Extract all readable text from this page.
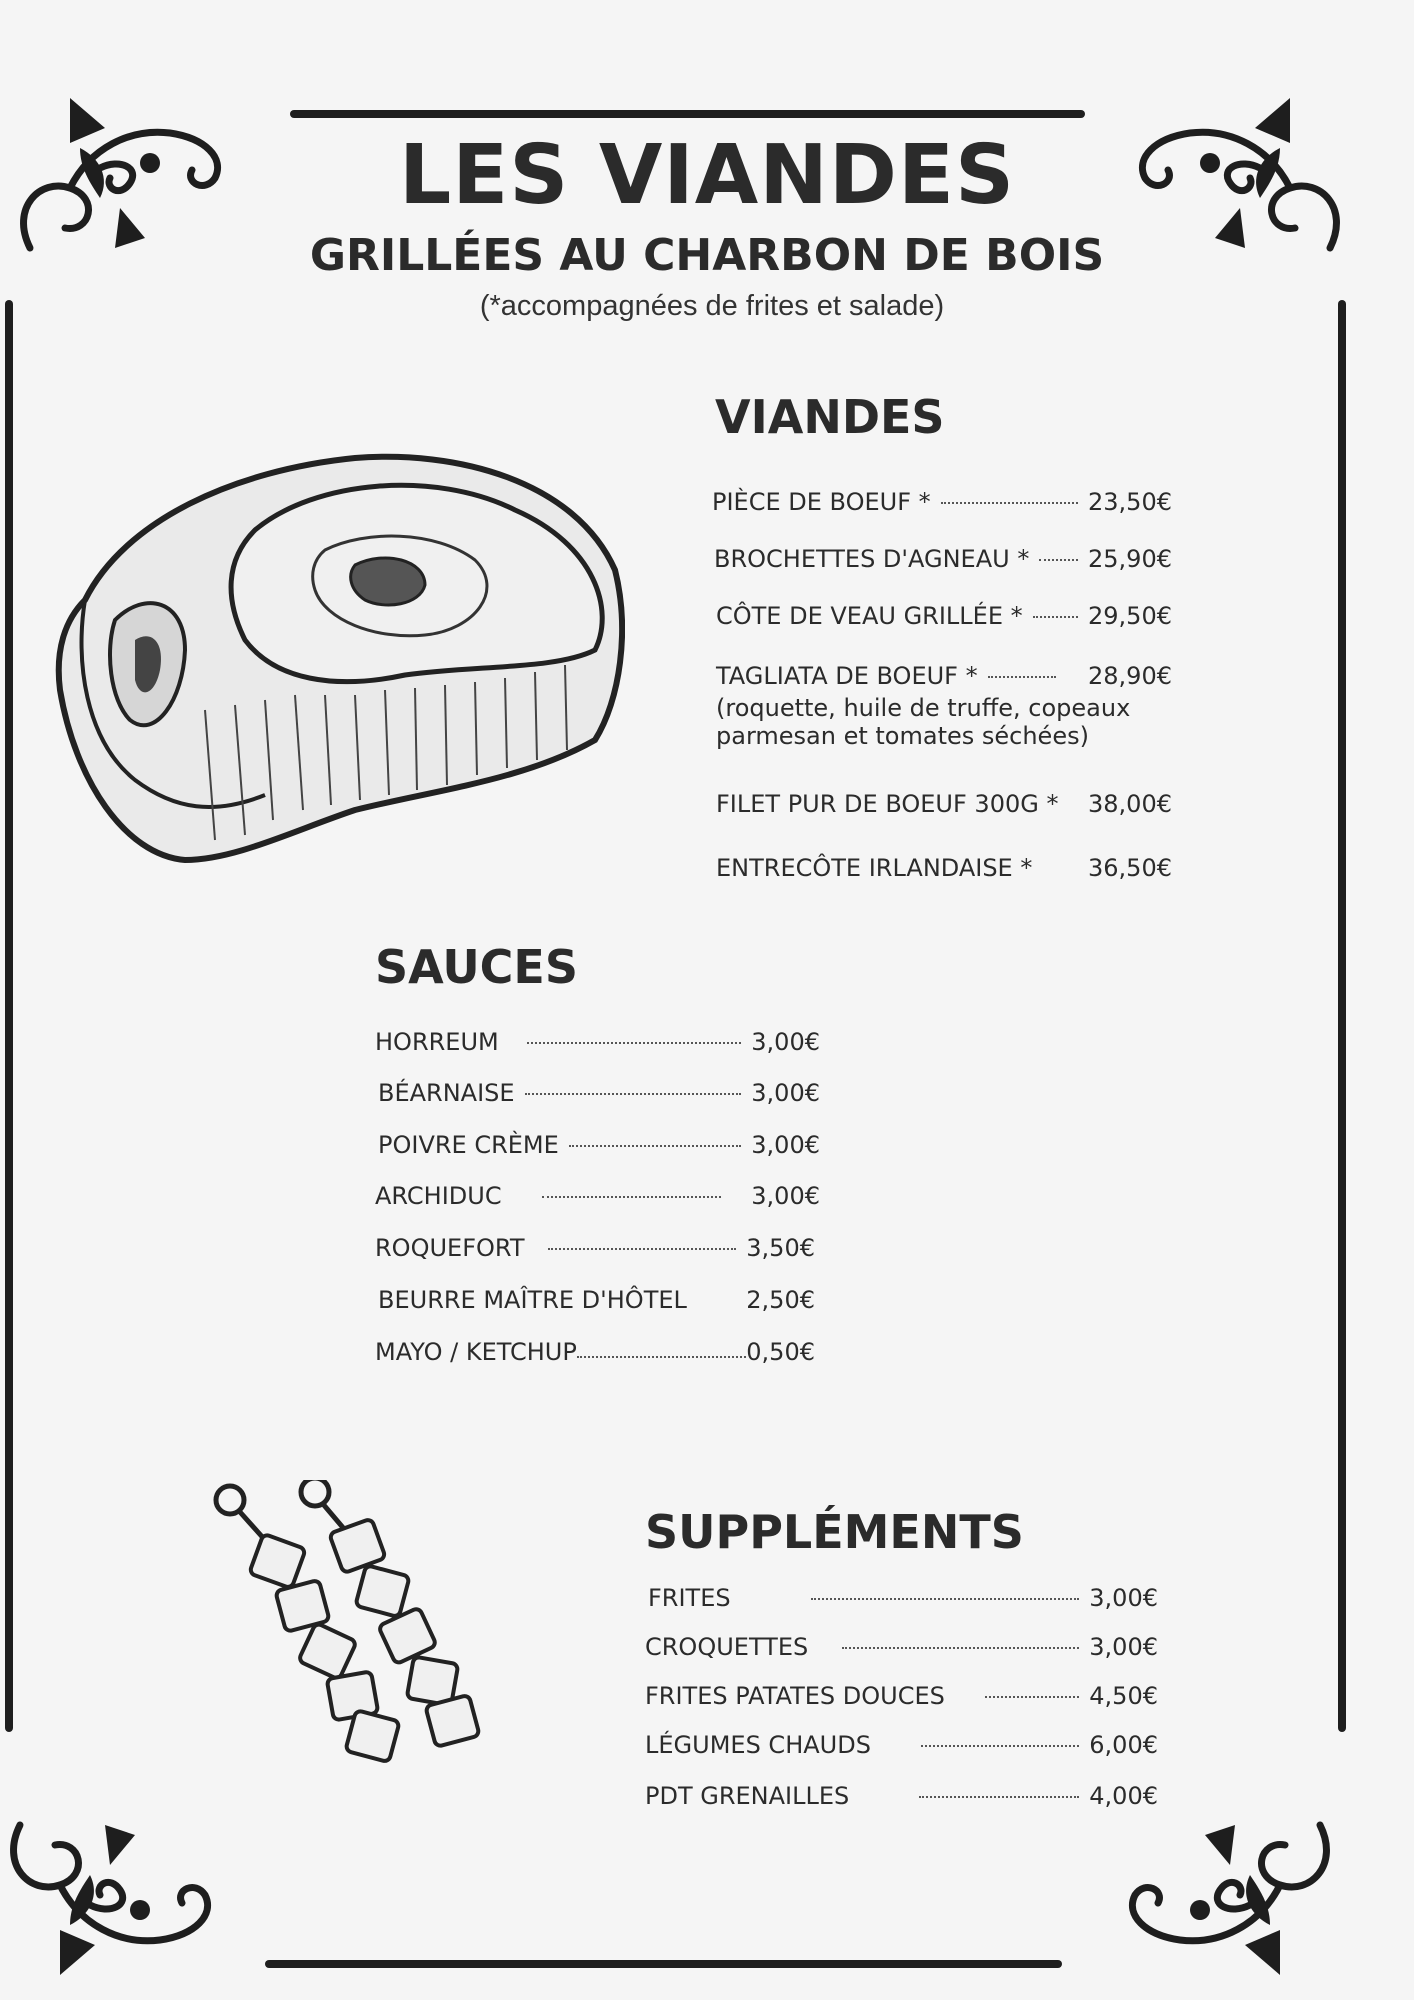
LES VIANDES
GRILLÉES AU CHARBON DE BOIS
(*accompagnées de frites et salade)
VIANDES
PIÈCE DE BOEUF *	23,50€
BROCHETTES D'AGNEAU * 25,90€
CÔTE DE VEAU GRILLÉE *	29,50€
TAGLIATA DE BOEUF *	28,90€
(roquette, huile de truffe, copeaux
parmesan et tomates séchées)
FILET PUR DE BOEUF 300G * 38,00€
ENTRECÔTE IRLANDAISE * 36,50€
SAUCES
HORREUM	3,00€
BÉARNAISE	3,00€
POIVRE CRÈME	3,00€
ARCHIDUC	3,00€
ROQUEFORT	3,50€
BEURRE MAÎTRE D'HÔTEL 2,50€
MAYO / KETCHUP	0,50€
SUPPLÉMENTS
FRITES	3,00€
CROQUETTES	3,00€
FRITES PATATES DOUCES	4,50€
LÉGUMES CHAUDS	6,00€
PDT GRENAILLES	4,00€
